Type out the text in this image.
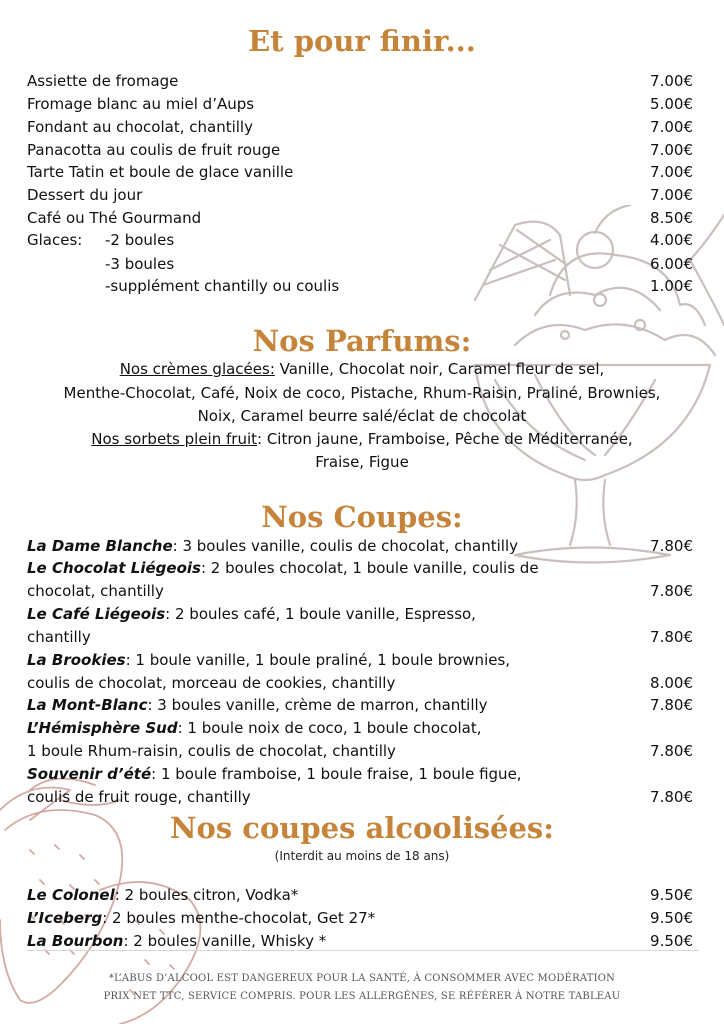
Et pour finir...
Assiette de fromage	7.00€
Fromage blanc au miel d’Aups	5.00€
Fondant au chocolat, chantilly	7.00€
Panacotta au coulis de fruit rouge	7.00€
Tarte Tatin et boule de glace vanille	7.00€
Dessert du jour	7.00€
Café ou Thé Gourmand	8.50€
Glaces: -2 boules	4.00€
-3 boules	6.00€
-supplément chantilly ou coulis	1.00€
Nos Parfums:
Nos crèmes glacées: Vanille, Chocolat noir, Caramel fleur de sel,
Menthe-Chocolat, Café, Noix de coco, Pistache, Rhum-Raisin, Praliné, Brownies,
Noix, Caramel beurre salé/éclat de chocolat
Nos sorbets plein fruit: Citron jaune, Framboise, Pêche de Méditerranée,
Fraise, Figue
Nos Coupes:
La Dame Blanche: 3 boules vanille, coulis de chocolat, chantilly	7.80€
Le Chocolat Liégeois: 2 boules chocolat, 1 boule vanille, coulis de
chocolat, chantilly	7.80€
Le Café Liégeois: 2 boules café, 1 boule vanille, Espresso,
chantilly	7.80€
La Brookies: 1 boule vanille, 1 boule praliné, 1 boule brownies,
coulis de chocolat, morceau de cookies, chantilly	8.00€
La Mont-Blanc: 3 boules vanille, crème de marron, chantilly	7.80€
L’Hémisphère Sud: 1 boule noix de coco, 1 boule chocolat,
1 boule Rhum-raisin, coulis de chocolat, chantilly	7.80€
Souvenir d’été: 1 boule framboise, 1 boule fraise, 1 boule figue,
coulis de fruit rouge, chantilly	7.80€
Nos coupes alcoolisées:
(Interdit au moins de 18 ans)
Le Colonel: 2 boules citron, Vodka*	9.50€
L’Iceberg: 2 boules menthe-chocolat, Get 27*	9.50€
La Bourbon: 2 boules vanille, Whisky *	9.50€
*L’ABUS D’ALCOOL EST DANGEREUX POUR LA SANTÉ, À CONSOMMER AVEC MODÉRATION
PRIX NET TTC, SERVICE COMPRIS. POUR LES ALLERGÈNES, SE RÉFÉRER À NOTRE TABLEAU
